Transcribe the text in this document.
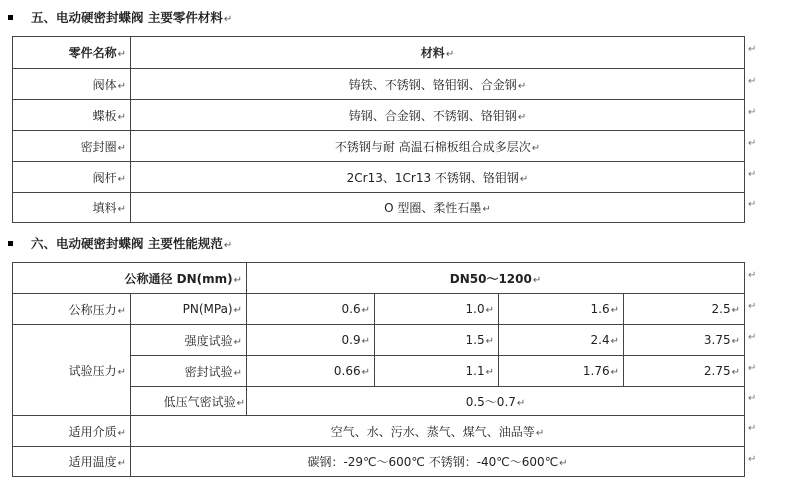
五、电动硬密封蝶阀 主要零件材料↵
零件名称↵	材料↵
阀体↵	铸铁、不锈钢、铬钼钢、合金钢↵
蝶板↵	铸钢、合金钢、不锈钢、铬钼钢↵
密封圈↵	不锈钢与耐 高温石棉板组合成多层次↵
阀杆↵	2Cr13、1Cr13 不锈钢、铬钼钢↵
填料↵	O 型圈、柔性石墨↵
↵
↵
↵
↵
↵
↵
六、电动硬密封蝶阀 主要性能规范↵
公称通径 DN(mm)↵		DN50～1200↵			
公称压力↵	PN(MPa)↵	0.6↵	1.0↵	1.6↵	2.5↵
试验压力↵	强度试验↵	0.9↵	1.5↵	2.4↵	3.75↵
	密封试验↵	0.66↵	1.1↵	1.76↵	2.75↵
	低压气密试验↵	0.5～0.7↵			
适用介质↵	空气、水、污水、蒸气、煤气、油品等↵				
适用温度↵	碳钢：-29℃～600℃ 不锈钢：-40℃～600℃↵				
↵
↵
↵
↵
↵
↵
↵
